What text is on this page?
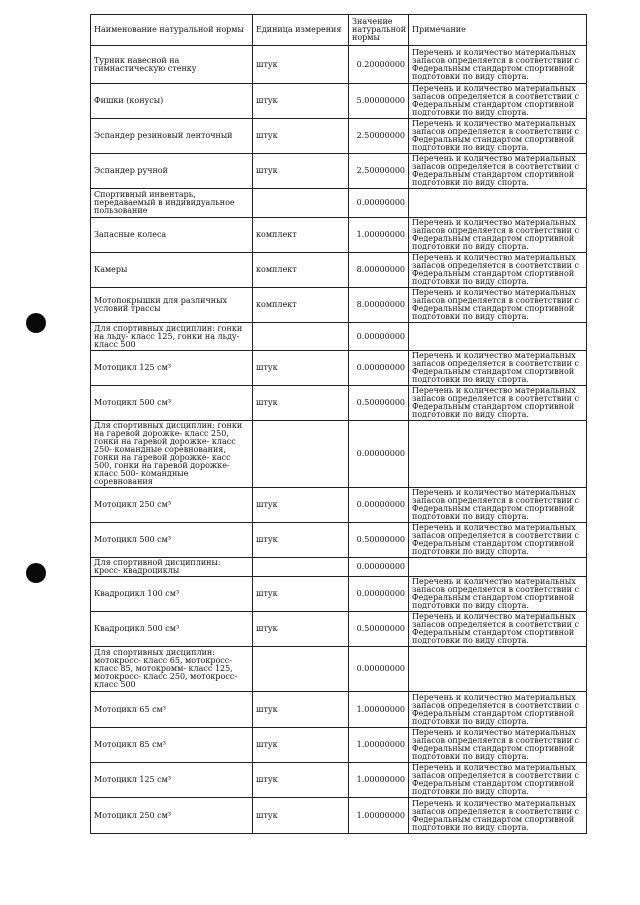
Наименование натуральной нормы	Единица измерения	Значение натуральной нормы	Примечание
Турник навесной на гимнастическую стенку	штук	0.20000000	Перечень и количество материальных запасов определяется в соответствии с Федеральным стандартом спортивной подготовки по виду спорта.
Фишки (конусы)	штук	5.00000000	Перечень и количество материальных запасов определяется в соответствии с Федеральным стандартом спортивной подготовки по виду спорта.
Эспандер резиновый ленточный	штук	2.50000000	Перечень и количество материальных запасов определяется в соответствии с Федеральным стандартом спортивной подготовки по виду спорта.
Эспандер ручной	штук	2.50000000	Перечень и количество материальных запасов определяется в соответствии с Федеральным стандартом спортивной подготовки по виду спорта.
Спортивный инвентарь, передаваемый в индивидуальное пользование		0.00000000	
Запасные колеса	комплект	1.00000000	Перечень и количество материальных запасов определяется в соответствии с Федеральным стандартом спортивной подготовки по виду спорта.
Камеры	комплект	8.00000000	Перечень и количество материальных запасов определяется в соответствии с Федеральным стандартом спортивной подготовки по виду спорта.
Мотопокрышки для различных условий трассы	комплект	8.00000000	Перечень и количество материальных запасов определяется в соответствии с Федеральным стандартом спортивной подготовки по виду спорта.
Для спортивных дисциплин: гонки на льду- класс 125, гонки на льду- класс 500		0.00000000	
Мотоцикл 125 см³	штук	0.00000000	Перечень и количество материальных запасов определяется в соответствии с Федеральным стандартом спортивной подготовки по виду спорта.
Мотоцикл 500 см³	штук	0.50000000	Перечень и количество материальных запасов определяется в соответствии с Федеральным стандартом спортивной подготовки по виду спорта.
Для спортивных дисциплин: гонки на гаревой дорожке- класс 250, гонки на гаревой дорожке- класс 250- командные соревнования, гонки на гаревой дорожке- касс 500, гонки на гаревой дорожке- класс 500- командные соревнования		0.00000000	
Мотоцикл 250 см³	штук	0.00000000	Перечень и количество материальных запасов определяется в соответствии с Федеральным стандартом спортивной подготовки по виду спорта.
Мотоцикл 500 см³	штук	0.50000000	Перечень и количество материальных запасов определяется в соответствии с Федеральным стандартом спортивной подготовки по виду спорта.
Для спортивной дисциплины: кросс- квадроциклы		0.00000000	
Квадроцикл 100 см³	штук	0.00000000	Перечень и количество материальных запасов определяется в соответствии с Федеральным стандартом спортивной подготовки по виду спорта.
Квадроцикл 500 см³	штук	0.50000000	Перечень и количество материальных запасов определяется в соответствии с Федеральным стандартом спортивной подготовки по виду спорта.
Для спортивных дисциплин: мотокросс- класс 65, мотокросс- класс 85, мотокромм- класс 125, мотокросс- класс 250, мотокросс- класс 500		0.00000000	
Мотоцикл 65 см³	штук	1.00000000	Перечень и количество материальных запасов определяется в соответствии с Федеральным стандартом спортивной подготовки по виду спорта.
Мотоцикл 85 см³	штук	1.00000000	Перечень и количество материальных запасов определяется в соответствии с Федеральным стандартом спортивной подготовки по виду спорта.
Мотоцикл 125 см³	штук	1.00000000	Перечень и количество материальных запасов определяется в соответствии с Федеральным стандартом спортивной подготовки по виду спорта.
Мотоцикл 250 см³	штук	1.00000000	Перечень и количество материальных запасов определяется в соответствии с Федеральным стандартом спортивной подготовки по виду спорта.
